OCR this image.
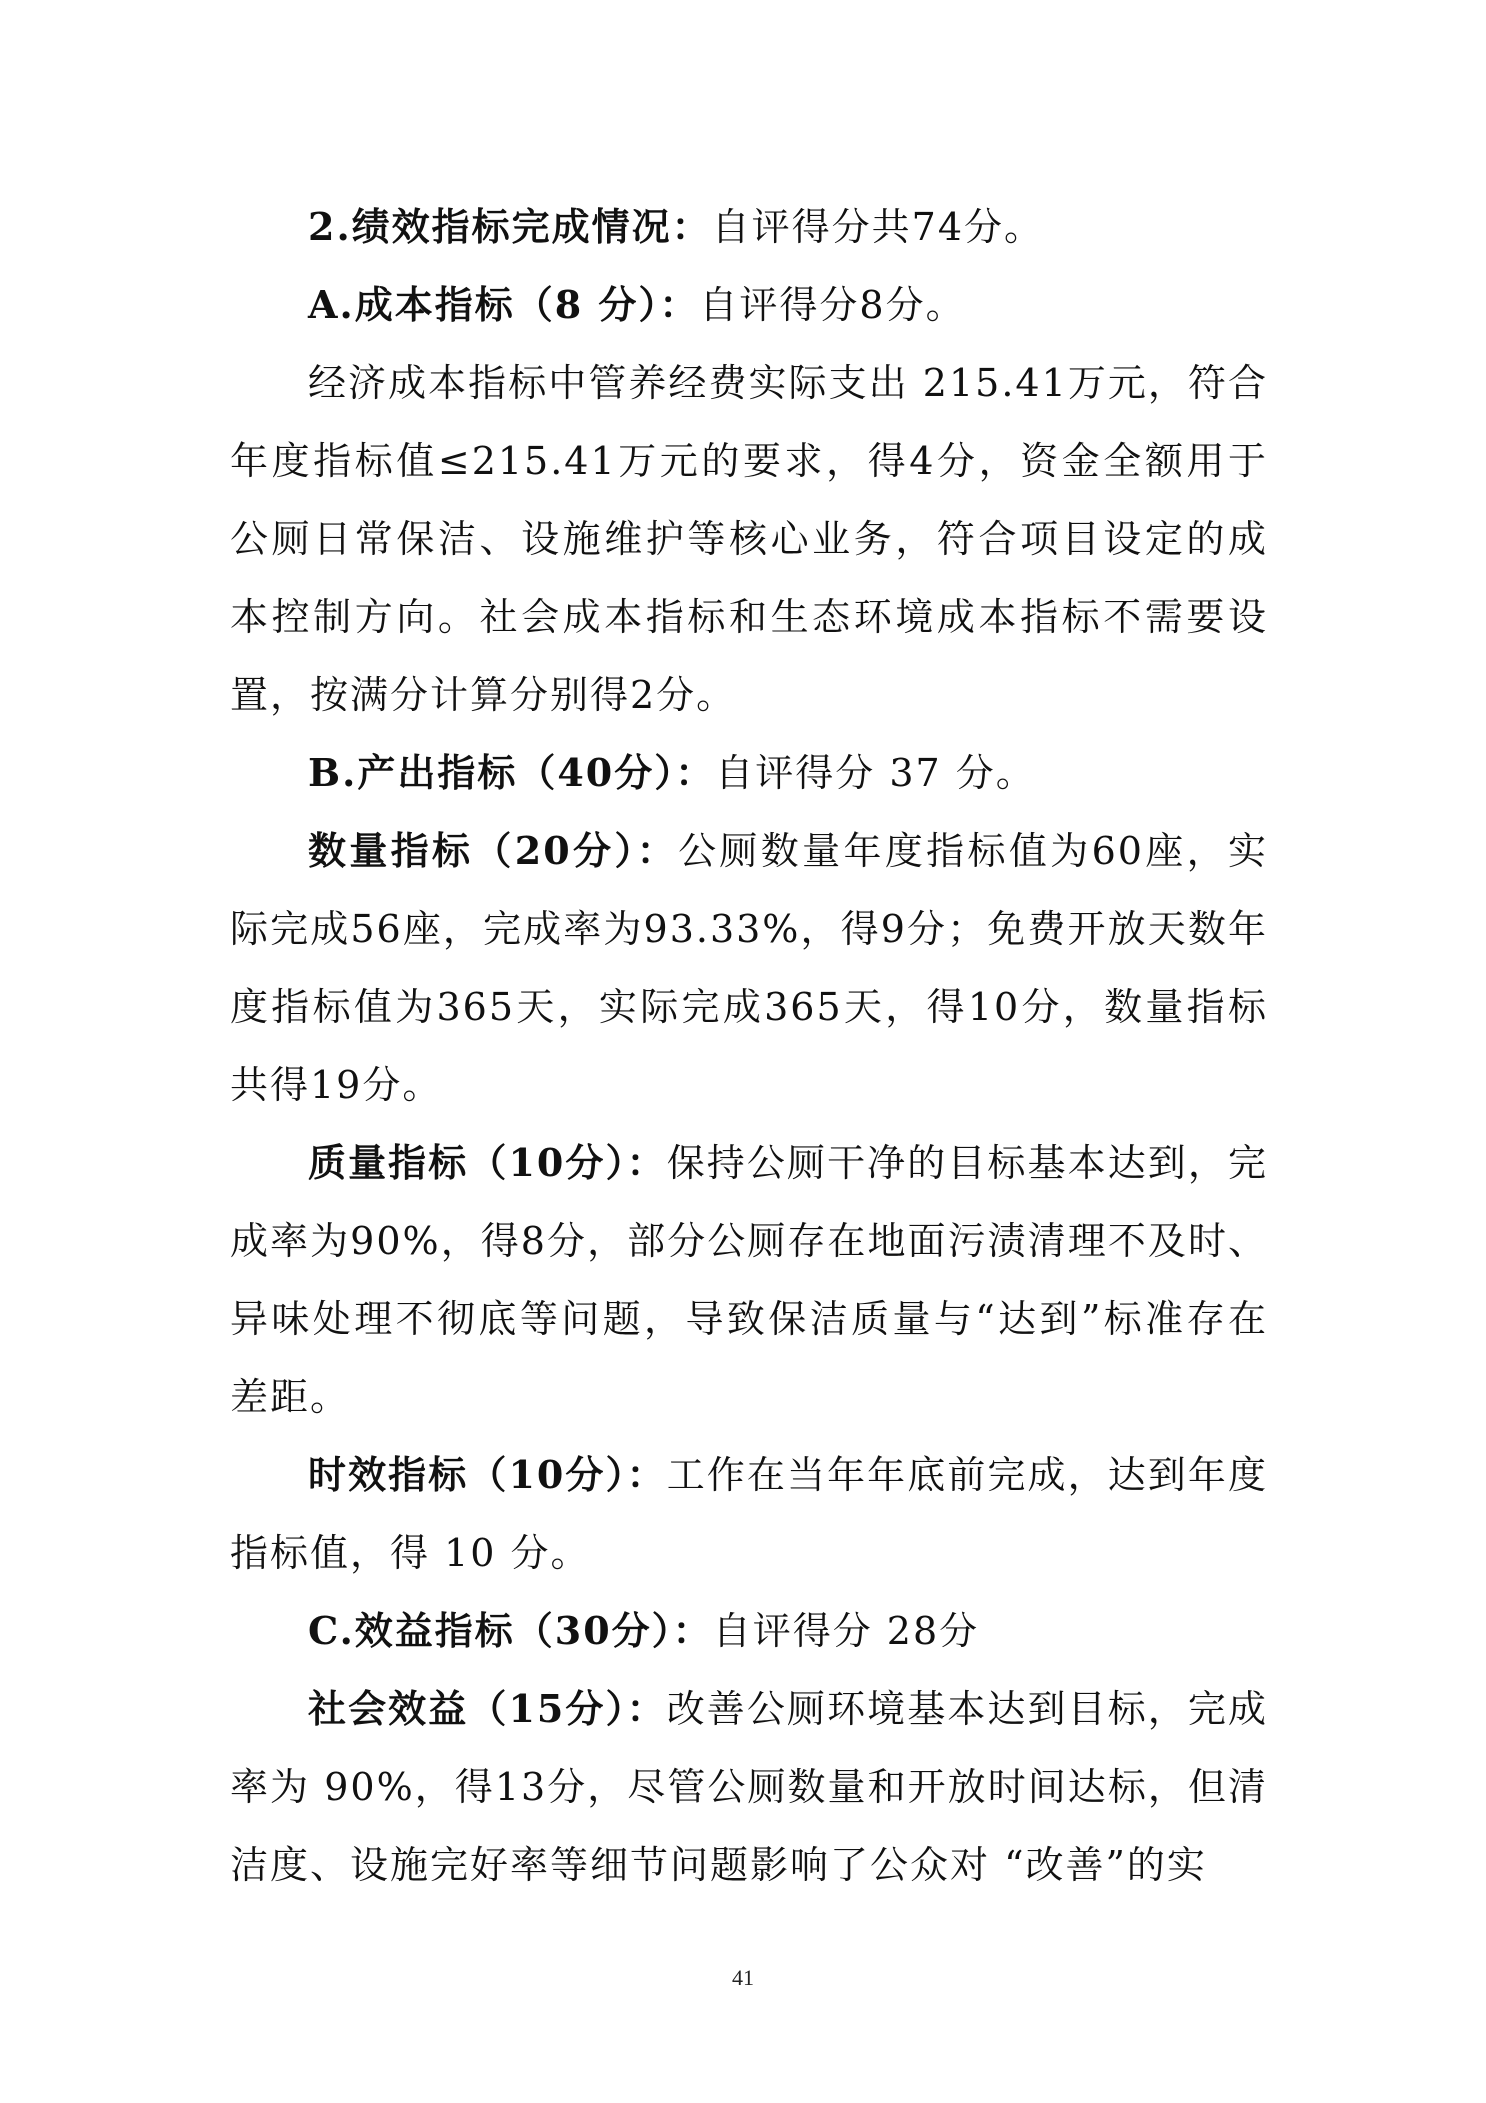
2.绩效指标完成情况：自评得分共74分。

A.成本指标（8 分）：自评得分8分。

经济成本指标中管养经费实际支出 215.41万元，符合年度指标值≤215.41万元的要求，得4分，资金全额用于公厕日常保洁、设施维护等核心业务，符合项目设定的成本控制方向。社会成本指标和生态环境成本指标不需要设置，按满分计算分别得2分。

B.产出指标（40分）：自评得分 37 分。

数量指标（20分）：公厕数量年度指标值为60座，实际完成56座，完成率为93.33%，得9分；免费开放天数年度指标值为365天，实际完成365天，得10分，数量指标共得19分。

质量指标（10分）：保持公厕干净的目标基本达到，完成率为90%，得8分，部分公厕存在地面污渍清理不及时、异味处理不彻底等问题，导致保洁质量与“达到”标准存在差距。

时效指标（10分）：工作在当年年底前完成，达到年度指标值，得 10 分。

C.效益指标（30分）：自评得分 28分

社会效益（15分）：改善公厕环境基本达到目标，完成率为 90%，得13分，尽管公厕数量和开放时间达标，但清洁度、设施完好率等细节问题影响了公众对 “改善”的实

41
